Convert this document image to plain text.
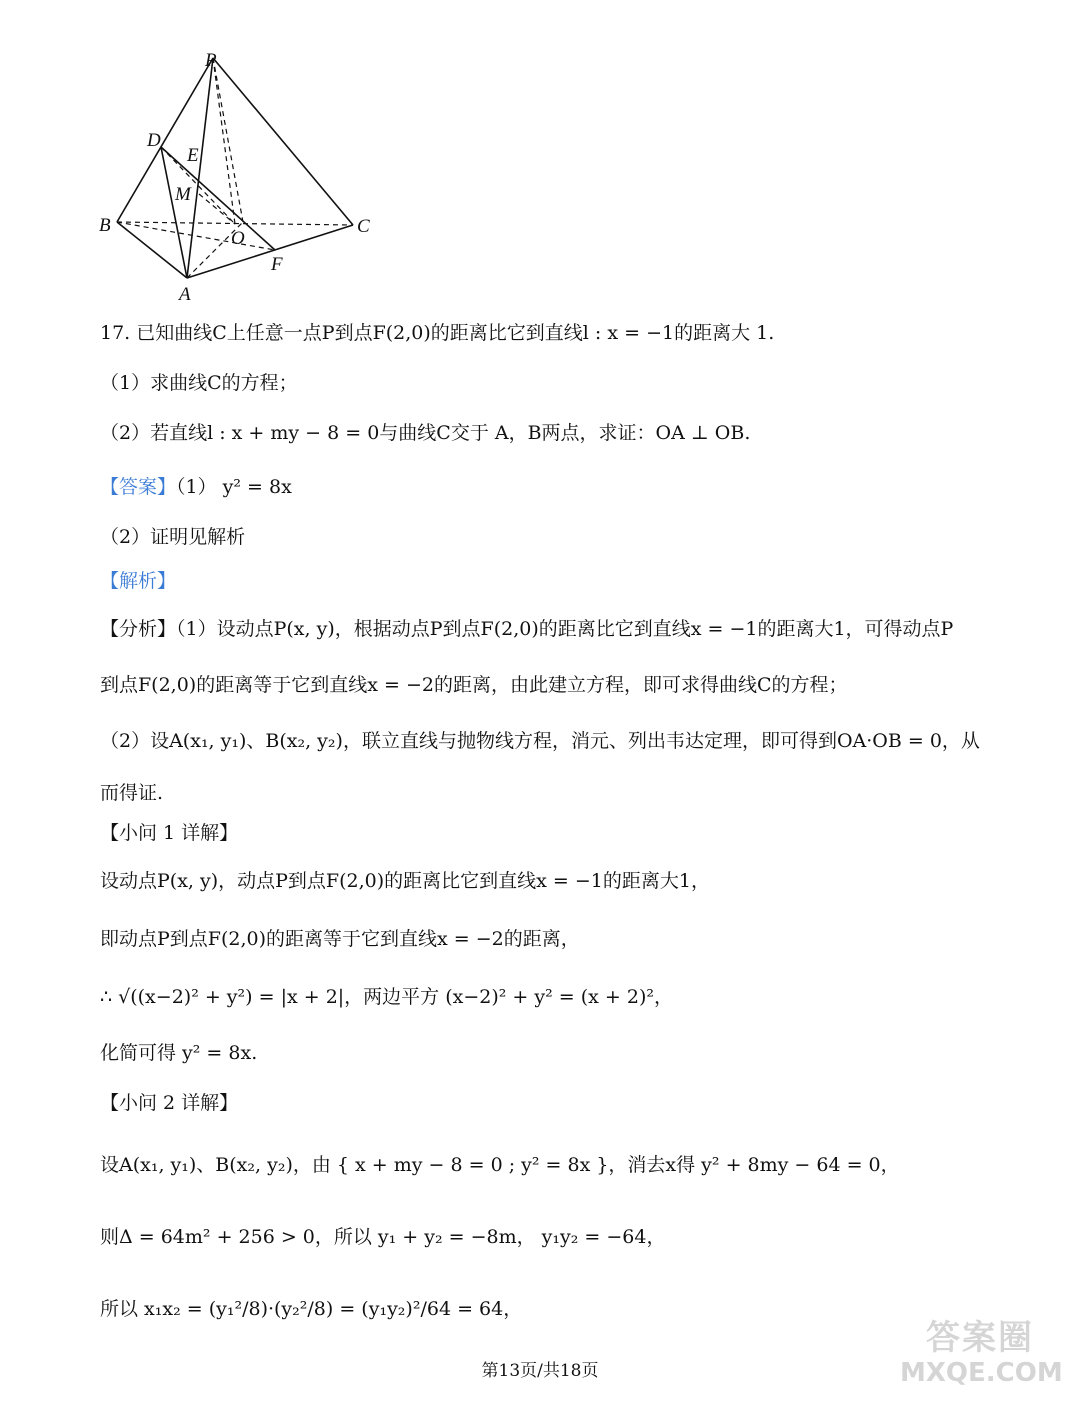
P
D
E
M
B
O
C
F
A
17. 已知曲线C上任意一点P到点F(2,0)的距离比它到直线l : x = −1的距离大 1.
（1）求曲线C的方程；
（2）若直线l : x + my − 8 = 0与曲线C交于 A，B两点，求证：OA ⊥ OB.
【答案】（1） y² = 8x
（2）证明见解析
【解析】
【分析】（1）设动点P(x, y)，根据动点P到点F(2,0)的距离比它到直线x = −1的距离大1，可得动点P
到点F(2,0)的距离等于它到直线x = −2的距离，由此建立方程，即可求得曲线C的方程；
（2）设A(x₁, y₁)、B(x₂, y₂)，联立直线与抛物线方程，消元、列出韦达定理，即可得到OA·OB = 0，从
而得证.
【小问 1 详解】
设动点P(x, y)，动点P到点F(2,0)的距离比它到直线x = −1的距离大1，
即动点P到点F(2,0)的距离等于它到直线x = −2的距离，
∴ √((x−2)² + y²) = |x + 2|，两边平方 (x−2)² + y² = (x + 2)²，
化简可得 y² = 8x.
【小问 2 详解】
设A(x₁, y₁)、B(x₂, y₂)，由 { x + my − 8 = 0 ; y² = 8x }，消去x得 y² + 8my − 64 = 0，
则Δ = 64m² + 256 > 0，所以 y₁ + y₂ = −8m， y₁y₂ = −64，
所以 x₁x₂ = (y₁²/8)·(y₂²/8) = (y₁y₂)²/64 = 64，
第13页/共18页
答案圈
MXQE.COM
